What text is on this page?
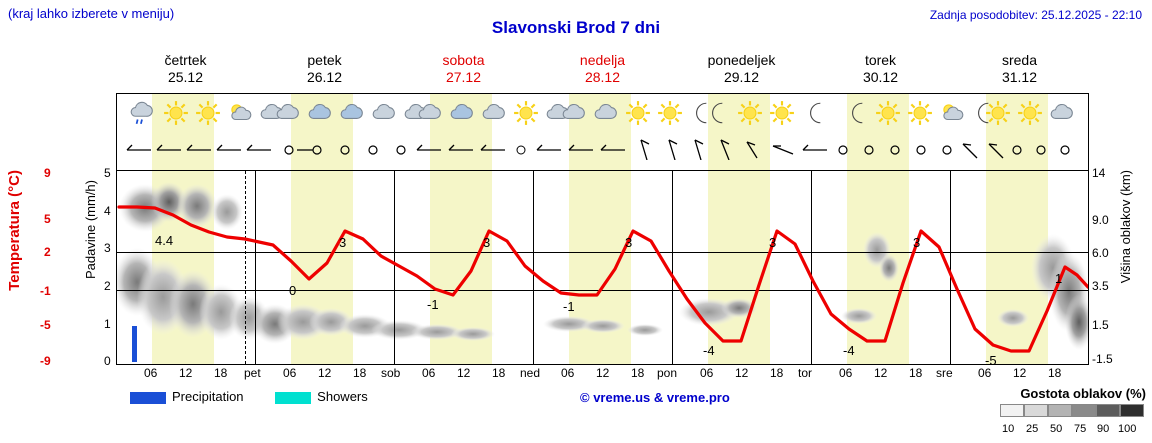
(kraj lahko izberete v meniju)
Slavonski Brod 7 dni
Zadnja posodobitev: 25.12.2025 - 22:10
četrtek
25.12
petek
26.12
sobota
27.12
nedelja
28.12
ponedeljek
29.12
torek
30.12
sreda
31.12
Temperatura (°C)	Padavine (mm/h)	Višina oblakov (km)
9
5
2
-1
-5
-9
5
4
3
2
1
0
14
9.0
6.0
3.5
1.5
-1.5
4.4
0
3
-1
3
-1
3
-4
3
-4
3
-5
1
06 12 18 pet 06 12 18 sob 06 12 18 ned 06 12 18 pon 06 12 18 tor 06 12 18 sre 06 12 18
Precipitation	Showers	© vreme.us & vreme.pro	Gostota oblakov (%)
10 25 50 75 90 100
